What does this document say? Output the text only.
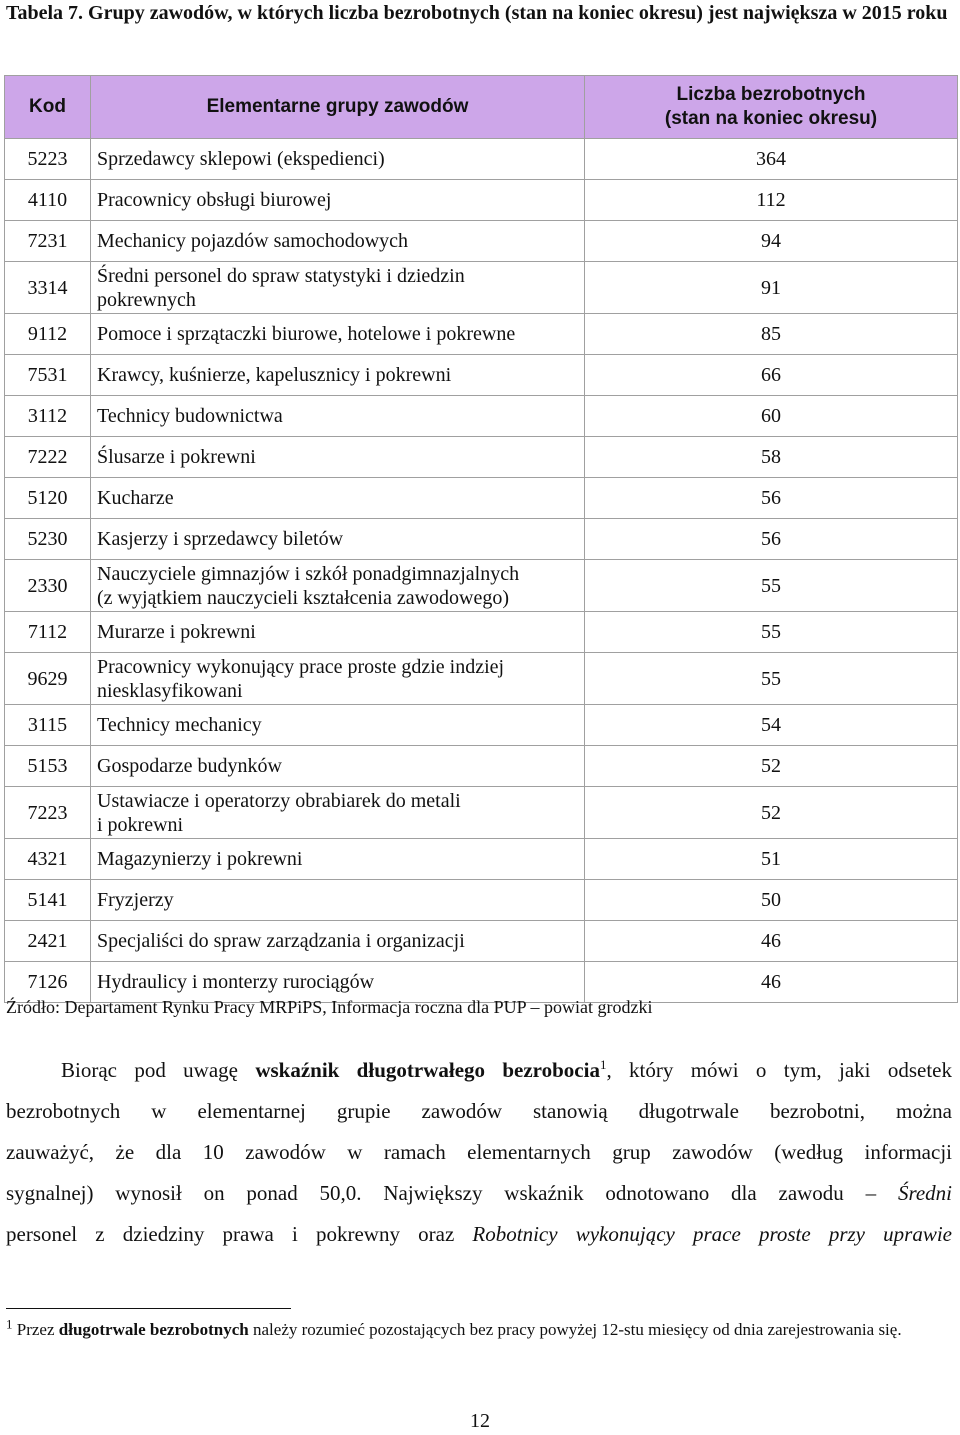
Tabela 7. Grupy zawodów, w których liczba bezrobotnych (stan na koniec okresu) jest największa w 2015 roku
Kod	Elementarne grupy zawodów	Liczba bezrobotnych
(stan na koniec okresu)

5223	Sprzedawcy sklepowi (ekspedienci)	364
4110	Pracownicy obsługi biurowej	112
7231	Mechanicy pojazdów samochodowych	94
3314	Średni personel do spraw statystyki i dziedzin
pokrewnych	91
9112	Pomoce i sprzątaczki biurowe, hotelowe i pokrewne	85
7531	Krawcy, kuśnierze, kapelusznicy i pokrewni	66
3112	Technicy budownictwa	60
7222	Ślusarze i pokrewni	58
5120	Kucharze	56
5230	Kasjerzy i sprzedawcy biletów	56
2330	Nauczyciele gimnazjów i szkół ponadgimnazjalnych
(z wyjątkiem nauczycieli kształcenia zawodowego)	55
7112	Murarze i pokrewni	55
9629	Pracownicy wykonujący prace proste gdzie indziej
niesklasyfikowani	55
3115	Technicy mechanicy	54
5153	Gospodarze budynków	52
7223	Ustawiacze i operatorzy obrabiarek do metali
i pokrewni	52
4321	Magazynierzy i pokrewni	51
5141	Fryzjerzy	50
2421	Specjaliści do spraw zarządzania i organizacji	46
7126	Hydraulicy i monterzy rurociągów	46
Źródło: Departament Rynku Pracy MRPiPS, Informacja roczna dla PUP – powiat grodzki
Biorąc pod uwagę wskaźnik długotrwałego bezrobocia$^1$, który mówi o tym, jaki odsetek
bezrobotnych w elementarnej grupie zawodów stanowią długotrwale bezrobotni, można
zauważyć, że dla 10 zawodów w ramach elementarnych grup zawodów (według informacji
sygnalnej) wynosił on ponad 50,0. Największy wskaźnik odnotowano dla zawodu – Średni
personel z dziedziny prawa i pokrewny oraz Robotnicy wykonujący prace proste przy uprawie
$^1$ Przez długotrwale bezrobotnych należy rozumieć pozostających bez pracy powyżej 12-stu miesięcy od dnia zarejestrowania się.
12
